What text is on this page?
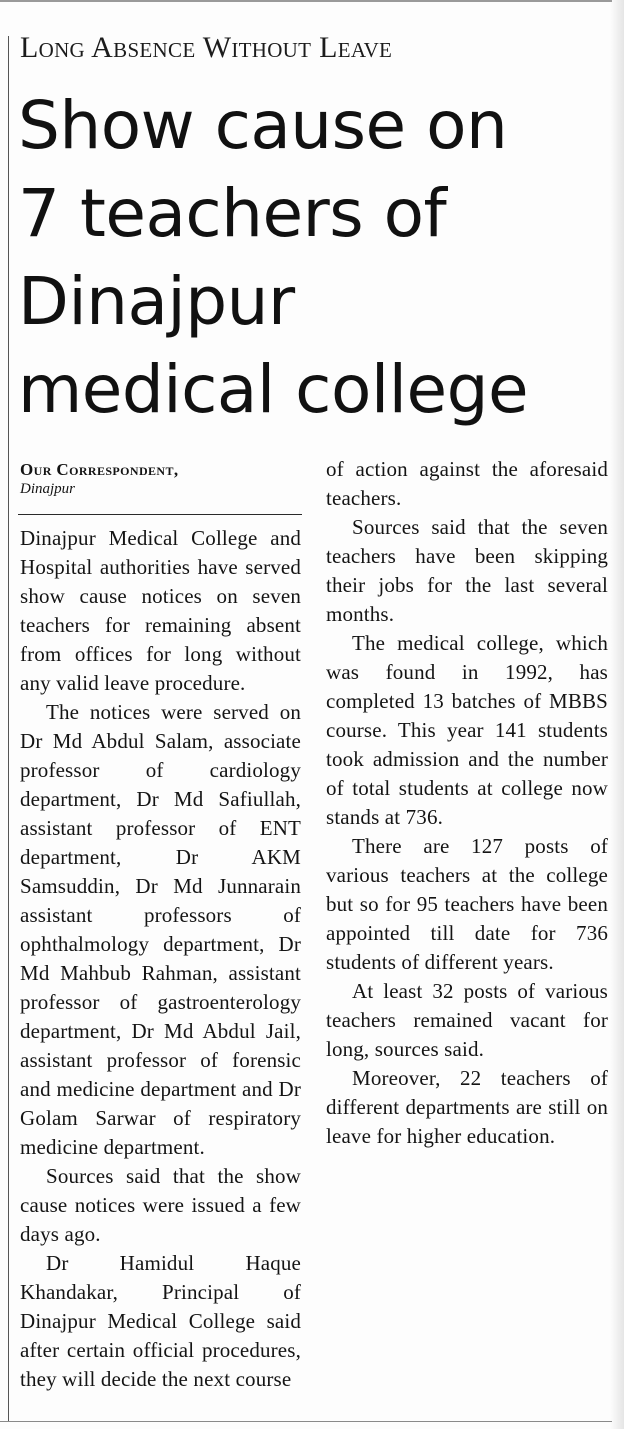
Long Absence Without Leave
Show cause on
7 teachers of
Dinajpur
medical college
Our Correspondent,
Dinajpur

Dinajpur Medical College and Hospital authorities have served show cause notices on seven teachers for remaining absent from offices for long without any valid leave procedure.

The notices were served on Dr Md Abdul Salam, associate professor of cardiology department, Dr Md Safiullah, assistant professor of ENT department, Dr AKM Samsuddin, Dr Md Junnarain assistant professors of ophthalmology department, Dr Md Mahbub Rahman, assistant professor of gastroenterology department, Dr Md Abdul Jail, assistant professor of forensic and medicine department and Dr Golam Sarwar of respiratory medicine department.

Sources said that the show cause notices were issued a few days ago.

Dr Hamidul Haque Khandakar, Principal of Dinajpur Medical College said after certain official procedures, they will decide the next course

of action against the aforesaid teachers.

Sources said that the seven teachers have been skipping their jobs for the last several months.

The medical college, which was found in 1992, has completed 13 batches of MBBS course. This year 141 students took admission and the number of total students at college now stands at 736.

There are 127 posts of various teachers at the college but so for 95 teachers have been appointed till date for 736 students of different years.

At least 32 posts of various teachers remained vacant for long, sources said.

Moreover, 22 teachers of different departments are still on leave for higher education.
